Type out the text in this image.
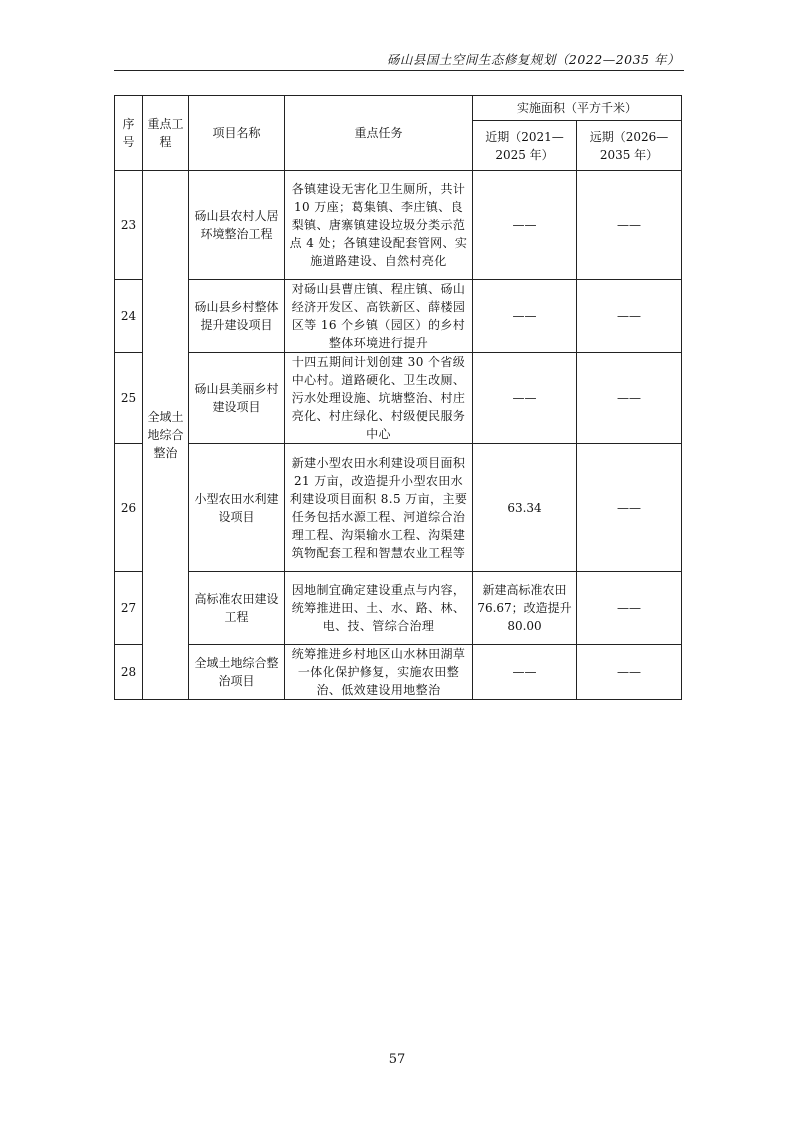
砀山县国土空间生态修复规划（2022—2035 年）
序号	重点工程	项目名称	重点任务	实施面积（平方千米）	
				近期（2021—2025 年）	远期（2026—2035 年）
23	全域土地综合整治	砀山县农村人居环境整治工程	各镇建设无害化卫生厕所，共计 10 万座；葛集镇、李庄镇、良梨镇、唐寨镇建设垃圾分类示范点 4 处；各镇建设配套管网、实施道路建设、自然村亮化	——	——
24		砀山县乡村整体提升建设项目	对砀山县曹庄镇、程庄镇、砀山经济开发区、高铁新区、薛楼园区等 16 个乡镇（园区）的乡村整体环境进行提升	——	——
25		砀山县美丽乡村建设项目	十四五期间计划创建 30 个省级中心村。道路硬化、卫生改厕、污水处理设施、坑塘整治、村庄亮化、村庄绿化、村级便民服务中心	——	——
26		小型农田水利建设项目	新建小型农田水利建设项目面积 21 万亩，改造提升小型农田水利建设项目面积 8.5 万亩，主要任务包括水源工程、河道综合治理工程、沟渠输水工程、沟渠建筑物配套工程和智慧农业工程等	63.34	——
27		高标准农田建设工程	因地制宜确定建设重点与内容，统筹推进田、土、水、路、林、电、技、管综合治理	新建高标准农田 76.67；改造提升 80.00	——
28		全域土地综合整治项目	统筹推进乡村地区山水林田湖草一体化保护修复，实施农田整治、低效建设用地整治	——	——
57
